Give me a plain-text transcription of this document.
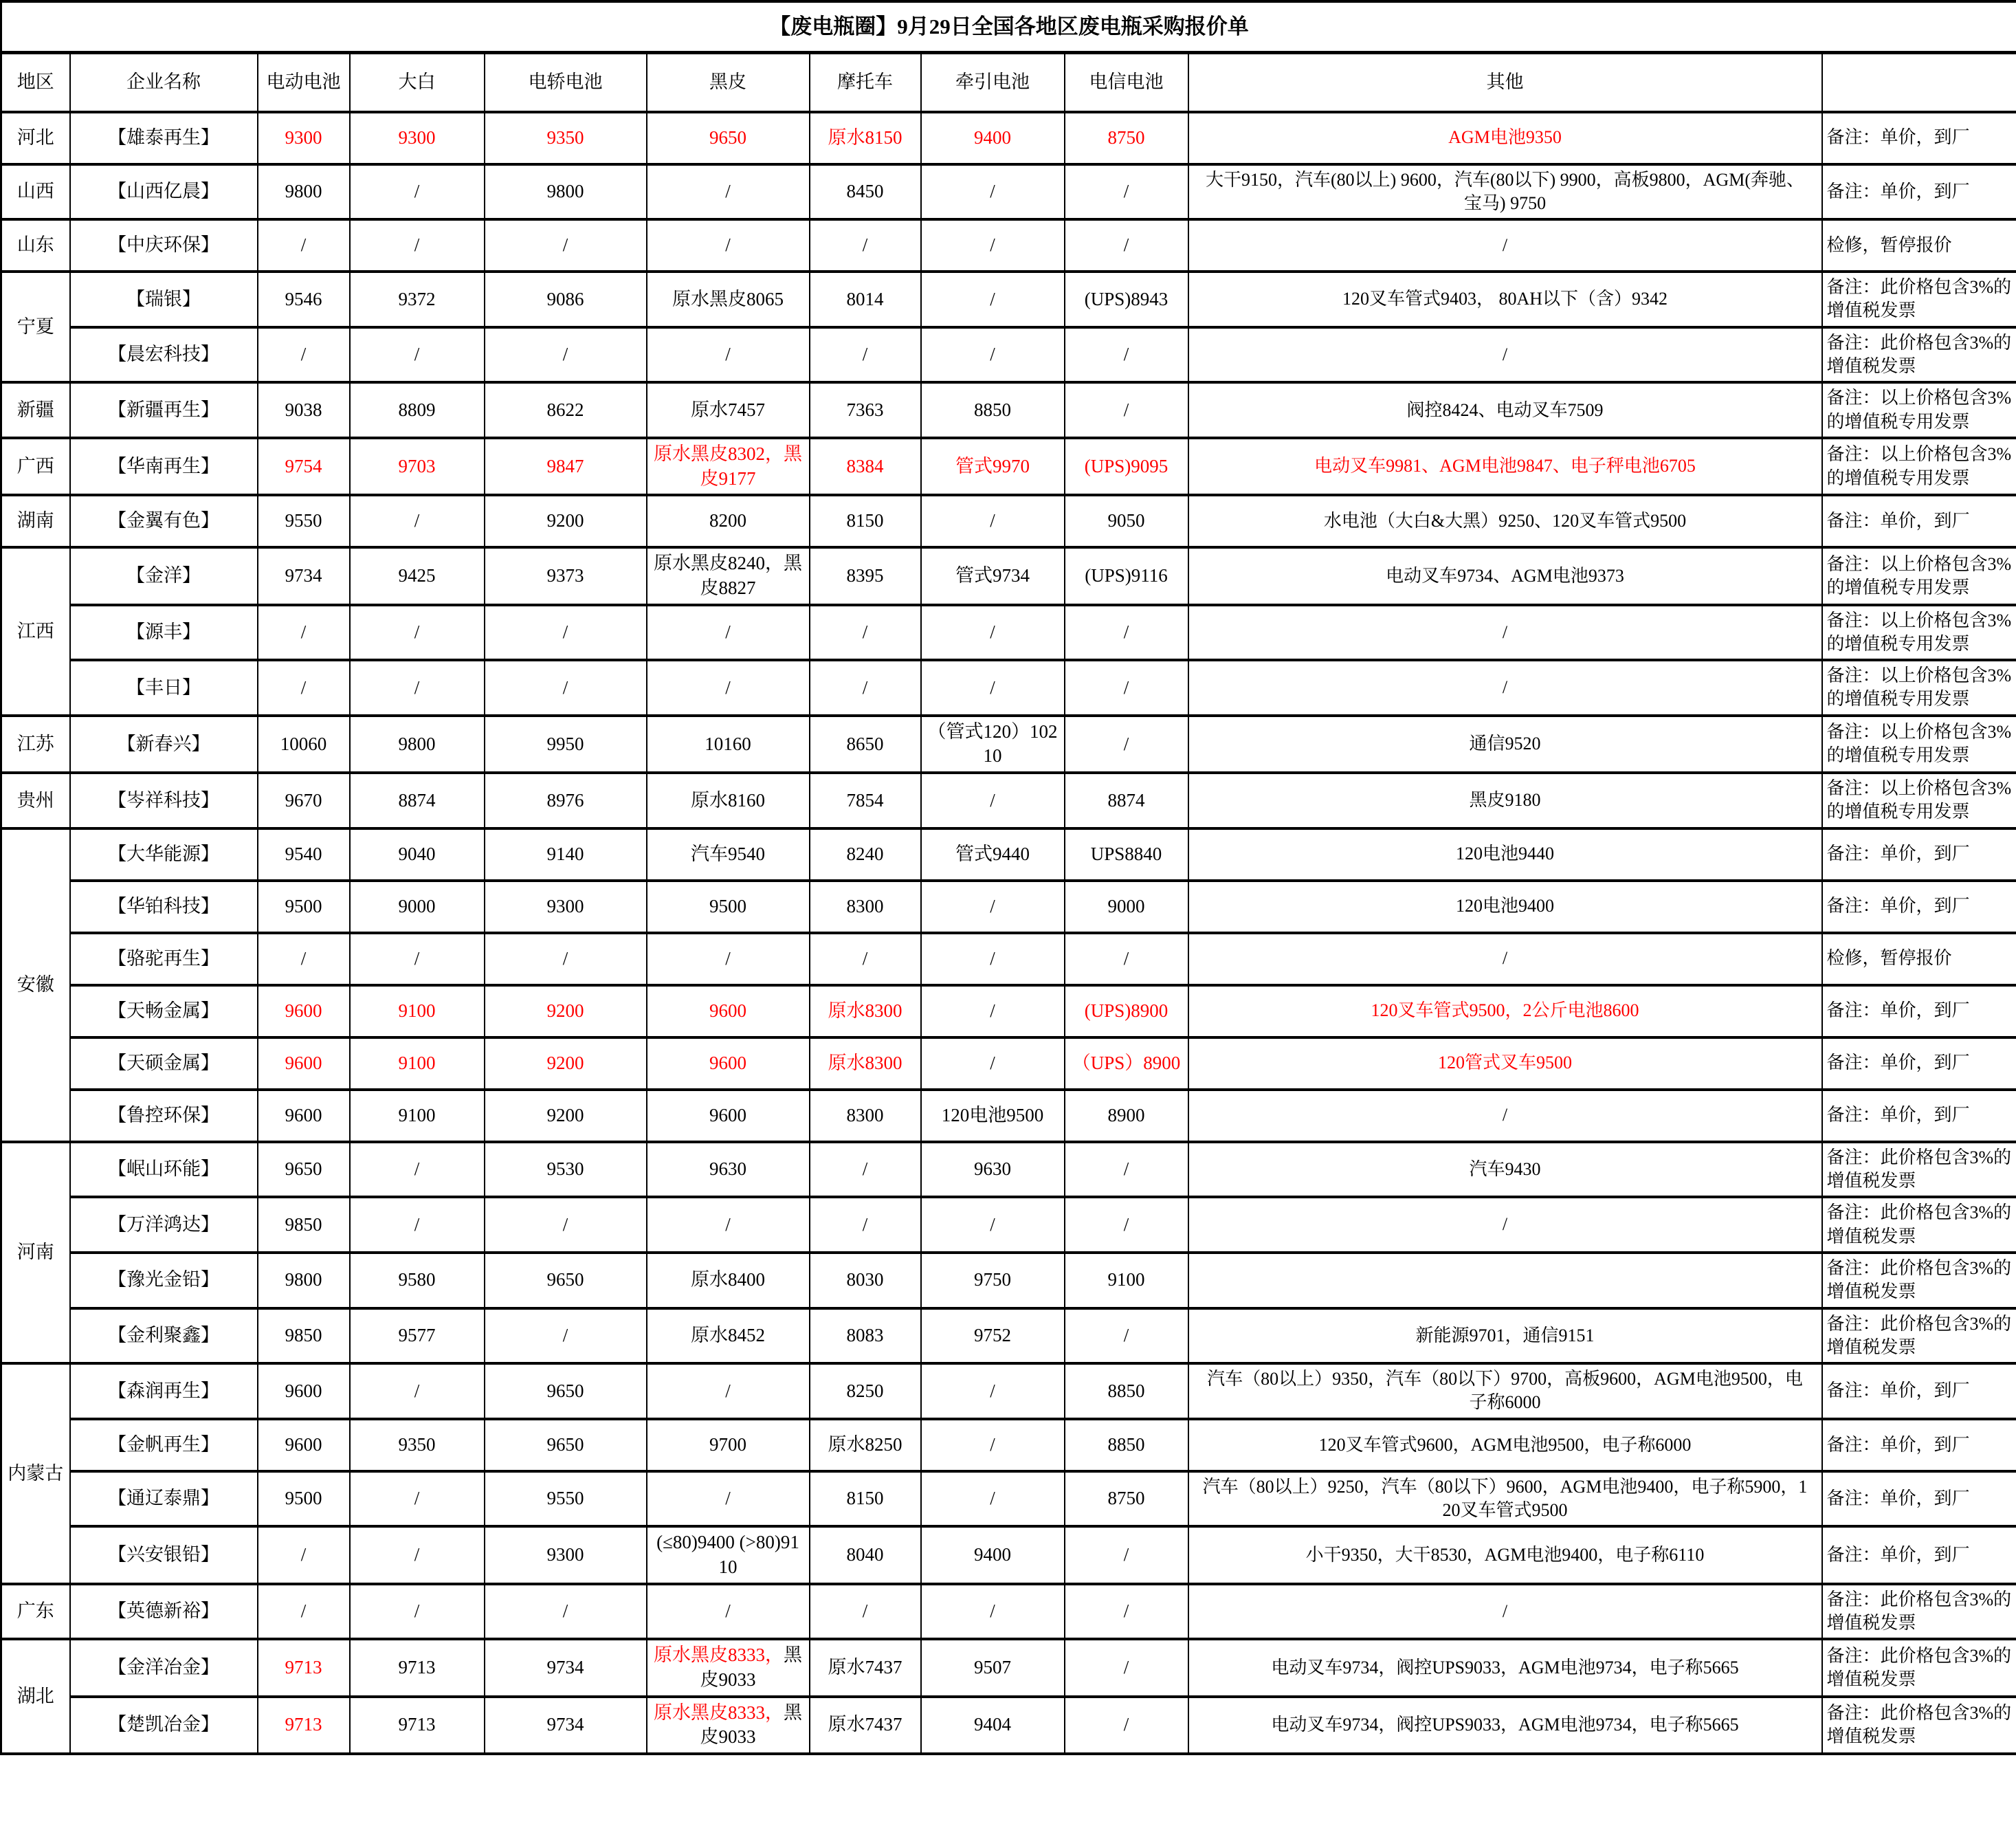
【废电瓶圈】9月29日全国各地区废电瓶采购报价单										
地区	企业名称	电动电池	大白	电轿电池	黑皮	摩托车	牵引电池	电信电池	其他	
河北	【雄泰再生】	9300	9300	9350	9650	原水8150	9400	8750	AGM电池9350	备注：单价，到厂
山西	【山西亿晨】	9800	/	9800	/	8450	/	/	大干9150，汽车(80以上) 9600，汽车(80以下) 9900，高板9800，AGM(奔驰、宝马) 9750	备注：单价，到厂
山东	【中庆环保】	/	/	/	/	/	/	/	/	检修，暂停报价
宁夏	【瑞银】	9546	9372	9086	原水黑皮8065	8014	/	(UPS)8943	120叉车管式9403， 80AH以下（含）9342	备注：此价格包含3%的增值税发票
	【晨宏科技】	/	/	/	/	/	/	/	/	备注：此价格包含3%的增值税发票
新疆	【新疆再生】	9038	8809	8622	原水7457	7363	8850	/	阀控8424、电动叉车7509	备注：以上价格包含3%的增值税专用发票
广西	【华南再生】	9754	9703	9847	原水黑皮8302，黑皮9177	8384	管式9970	(UPS)9095	电动叉车9981、AGM电池9847、电子秤电池6705	备注：以上价格包含3%的增值税专用发票
湖南	【金翼有色】	9550	/	9200	8200	8150	/	9050	水电池（大白&大黑）9250、120叉车管式9500	备注：单价，到厂
江西	【金洋】	9734	9425	9373	原水黑皮8240，黑皮8827	8395	管式9734	(UPS)9116	电动叉车9734、AGM电池9373	备注：以上价格包含3%的增值税专用发票
	【源丰】	/	/	/	/	/	/	/	/	备注：以上价格包含3%的增值税专用发票
	【丰日】	/	/	/	/	/	/	/	/	备注：以上价格包含3%的增值税专用发票
江苏	【新春兴】	10060	9800	9950	10160	8650	（管式120）10210	/	通信9520	备注：以上价格包含3%的增值税专用发票
贵州	【岑祥科技】	9670	8874	8976	原水8160	7854	/	8874	黑皮9180	备注：以上价格包含3%的增值税专用发票
安徽	【大华能源】	9540	9040	9140	汽车9540	8240	管式9440	UPS8840	120电池9440	备注：单价，到厂
	【华铂科技】	9500	9000	9300	9500	8300	/	9000	120电池9400	备注：单价，到厂
	【骆驼再生】	/	/	/	/	/	/	/	/	检修，暂停报价
	【天畅金属】	9600	9100	9200	9600	原水8300	/	(UPS)8900	120叉车管式9500，2公斤电池8600	备注：单价，到厂
	【天硕金属】	9600	9100	9200	9600	原水8300	/	（UPS）8900	120管式叉车9500	备注：单价，到厂
	【鲁控环保】	9600	9100	9200	9600	8300	120电池9500	8900	/	备注：单价，到厂
河南	【岷山环能】	9650	/	9530	9630	/	9630	/	汽车9430	备注：此价格包含3%的增值税发票
	【万洋鸿达】	9850	/	/	/	/	/	/	/	备注：此价格包含3%的增值税发票
	【豫光金铅】	9800	9580	9650	原水8400	8030	9750	9100		备注：此价格包含3%的增值税发票
	【金利聚鑫】	9850	9577	/	原水8452	8083	9752	/	新能源9701，通信9151	备注：此价格包含3%的增值税发票
内蒙古	【森润再生】	9600	/	9650	/	8250	/	8850	汽车（80以上）9350，汽车（80以下）9700，高板9600，AGM电池9500，电子称6000	备注：单价，到厂
	【金帆再生】	9600	9350	9650	9700	原水8250	/	8850	120叉车管式9600，AGM电池9500，电子称6000	备注：单价，到厂
	【通辽泰鼎】	9500	/	9550	/	8150	/	8750	汽车（80以上）9250，汽车（80以下）9600，AGM电池9400，电子称5900，120叉车管式9500	备注：单价，到厂
	【兴安银铅】	/	/	9300	(≤80)9400 (>80)9110	8040	9400	/	小干9350，大干8530，AGM电池9400，电子称6110	备注：单价，到厂
广东	【英德新裕】	/	/	/	/	/	/	/	/	备注：此价格包含3%的增值税发票
湖北	【金洋冶金】	9713	9713	9734	原水黑皮8333，黑皮9033	原水7437	9507	/	电动叉车9734，阀控UPS9033，AGM电池9734，电子称5665	备注：此价格包含3%的增值税发票
	【楚凯冶金】	9713	9713	9734	原水黑皮8333，黑皮9033	原水7437	9404	/	电动叉车9734，阀控UPS9033，AGM电池9734，电子称5665	备注：此价格包含3%的增值税发票
